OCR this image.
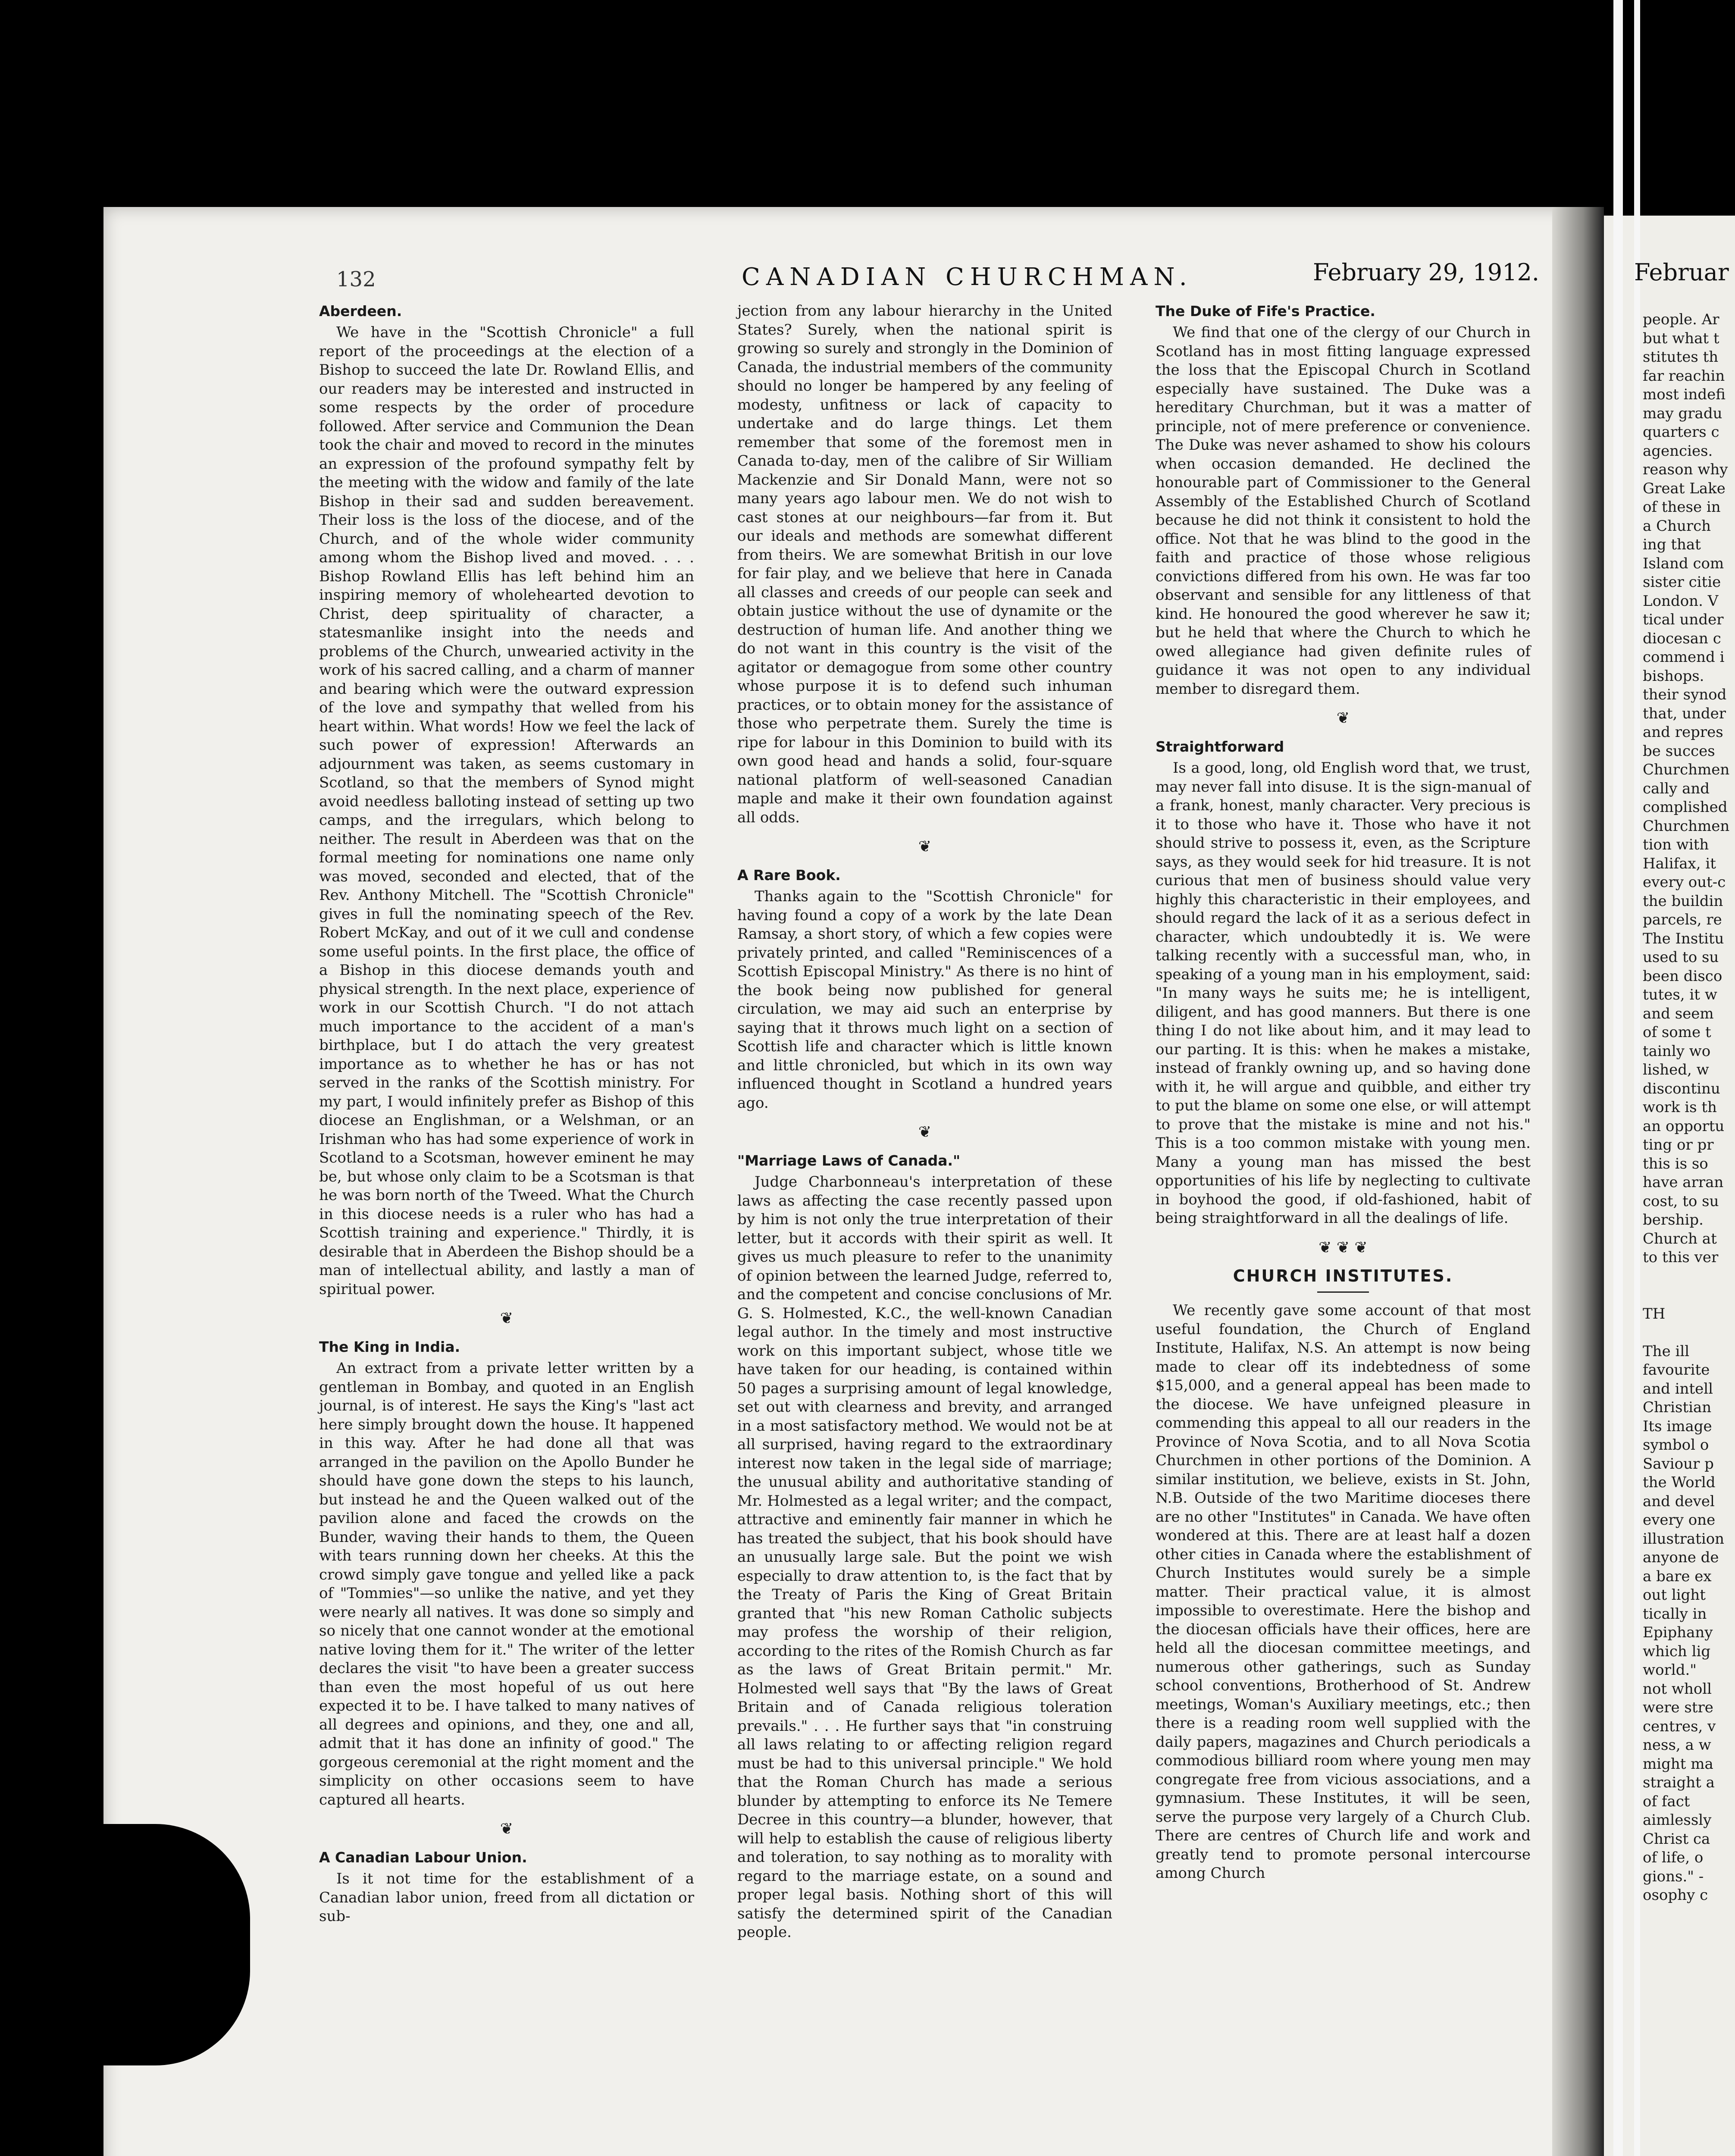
132	CANADIAN CHURCHMAN.	February 29, 1912.
Aberdeen.

We have in the "Scottish Chronicle" a full report of the proceedings at the election of a Bishop to succeed the late Dr. Rowland Ellis, and our readers may be interested and instructed in some respects by the order of procedure followed. After service and Communion the Dean took the chair and moved to record in the minutes an expression of the profound sympathy felt by the meeting with the widow and family of the late Bishop in their sad and sudden bereavement. Their loss is the loss of the diocese, and of the Church, and of the whole wider community among whom the Bishop lived and moved. . . . Bishop Rowland Ellis has left behind him an inspiring memory of wholehearted devotion to Christ, deep spirituality of character, a statesmanlike insight into the needs and problems of the Church, unwearied activity in the work of his sacred calling, and a charm of manner and bearing which were the outward expression of the love and sympathy that welled from his heart within. What words! How we feel the lack of such power of expression! Afterwards an adjournment was taken, as seems customary in Scotland, so that the members of Synod might avoid needless balloting instead of setting up two camps, and the irregulars, which belong to neither. The result in Aberdeen was that on the formal meeting for nominations one name only was moved, seconded and elected, that of the Rev. Anthony Mitchell. The "Scottish Chronicle" gives in full the nominating speech of the Rev. Robert McKay, and out of it we cull and condense some useful points. In the first place, the office of a Bishop in this diocese demands youth and physical strength. In the next place, experience of work in our Scottish Church. "I do not attach much importance to the accident of a man's birthplace, but I do attach the very greatest importance as to whether he has or has not served in the ranks of the Scottish ministry. For my part, I would infinitely prefer as Bishop of this diocese an Englishman, or a Welshman, or an Irishman who has had some experience of work in Scotland to a Scotsman, however eminent he may be, but whose only claim to be a Scotsman is that he was born north of the Tweed. What the Church in this diocese needs is a ruler who has had a Scottish training and experience." Thirdly, it is desirable that in Aberdeen the Bishop should be a man of intellectual ability, and lastly a man of spiritual power.

❦
The King in India.

An extract from a private letter written by a gentleman in Bombay, and quoted in an English journal, is of interest. He says the King's "last act here simply brought down the house. It happened in this way. After he had done all that was arranged in the pavilion on the Apollo Bunder he should have gone down the steps to his launch, but instead he and the Queen walked out of the pavilion alone and faced the crowds on the Bunder, waving their hands to them, the Queen with tears running down her cheeks. At this the crowd simply gave tongue and yelled like a pack of "Tommies"—so unlike the native, and yet they were nearly all natives. It was done so simply and so nicely that one cannot wonder at the emotional native loving them for it." The writer of the letter declares the visit "to have been a greater success than even the most hopeful of us out here expected it to be. I have talked to many natives of all degrees and opinions, and they, one and all, admit that it has done an infinity of good." The gorgeous ceremonial at the right moment and the simplicity on other occasions seem to have captured all hearts.

❦
A Canadian Labour Union.

Is it not time for the establishment of a Canadian labor union, freed from all dictation or sub-

jection from any labour hierarchy in the United States? Surely, when the national spirit is growing so surely and strongly in the Dominion of Canada, the industrial members of the community should no longer be hampered by any feeling of modesty, unfitness or lack of capacity to undertake and do large things. Let them remember that some of the foremost men in Canada to-day, men of the calibre of Sir William Mackenzie and Sir Donald Mann, were not so many years ago labour men. We do not wish to cast stones at our neighbours—far from it. But our ideals and methods are somewhat different from theirs. We are somewhat British in our love for fair play, and we believe that here in Canada all classes and creeds of our people can seek and obtain justice without the use of dynamite or the destruction of human life. And another thing we do not want in this country is the visit of the agitator or demagogue from some other country whose purpose it is to defend such inhuman practices, or to obtain money for the assistance of those who perpetrate them. Surely the time is ripe for labour in this Dominion to build with its own good head and hands a solid, four-square national platform of well-seasoned Canadian maple and make it their own foundation against all odds.

❦
A Rare Book.

Thanks again to the "Scottish Chronicle" for having found a copy of a work by the late Dean Ramsay, a short story, of which a few copies were privately printed, and called "Reminiscences of a Scottish Episcopal Ministry." As there is no hint of the book being now published for general circulation, we may aid such an enterprise by saying that it throws much light on a section of Scottish life and character which is little known and little chronicled, but which in its own way influenced thought in Scotland a hundred years ago.

❦
"Marriage Laws of Canada."

Judge Charbonneau's interpretation of these laws as affecting the case recently passed upon by him is not only the true interpretation of their letter, but it accords with their spirit as well. It gives us much pleasure to refer to the unanimity of opinion between the learned Judge, referred to, and the competent and concise conclusions of Mr. G. S. Holmested, K.C., the well-known Canadian legal author. In the timely and most instructive work on this important subject, whose title we have taken for our heading, is contained within 50 pages a surprising amount of legal knowledge, set out with clearness and brevity, and arranged in a most satisfactory method. We would not be at all surprised, having regard to the extraordinary interest now taken in the legal side of marriage; the unusual ability and authoritative standing of Mr. Holmested as a legal writer; and the compact, attractive and eminently fair manner in which he has treated the subject, that his book should have an unusually large sale. But the point we wish especially to draw attention to, is the fact that by the Treaty of Paris the King of Great Britain granted that "his new Roman Catholic subjects may profess the worship of their religion, according to the rites of the Romish Church as far as the laws of Great Britain permit." Mr. Holmested well says that "By the laws of Great Britain and of Canada religious toleration prevails." . . . He further says that "in construing all laws relating to or affecting religion regard must be had to this universal principle." We hold that the Roman Church has made a serious blunder by attempting to enforce its Ne Temere Decree in this country—a blunder, however, that will help to establish the cause of religious liberty and toleration, to say nothing as to morality with regard to the marriage estate, on a sound and proper legal basis. Nothing short of this will satisfy the determined spirit of the Canadian people.

The Duke of Fife's Practice.

We find that one of the clergy of our Church in Scotland has in most fitting language expressed the loss that the Episcopal Church in Scotland especially have sustained. The Duke was a hereditary Churchman, but it was a matter of principle, not of mere preference or convenience. The Duke was never ashamed to show his colours when occasion demanded. He declined the honourable part of Commissioner to the General Assembly of the Established Church of Scotland because he did not think it consistent to hold the office. Not that he was blind to the good in the faith and practice of those whose religious convictions differed from his own. He was far too observant and sensible for any littleness of that kind. He honoured the good wherever he saw it; but he held that where the Church to which he owed allegiance had given definite rules of guidance it was not open to any individual member to disregard them.

❦
Straightforward

Is a good, long, old English word that, we trust, may never fall into disuse. It is the sign-manual of a frank, honest, manly character. Very precious is it to those who have it. Those who have it not should strive to possess it, even, as the Scripture says, as they would seek for hid treasure. It is not curious that men of business should value very highly this characteristic in their employees, and should regard the lack of it as a serious defect in character, which undoubtedly it is. We were talking recently with a successful man, who, in speaking of a young man in his employment, said: "In many ways he suits me; he is intelligent, diligent, and has good manners. But there is one thing I do not like about him, and it may lead to our parting. It is this: when he makes a mistake, instead of frankly owning up, and so having done with it, he will argue and quibble, and either try to put the blame on some one else, or will attempt to prove that the mistake is mine and not his." This is a too common mistake with young men. Many a young man has missed the best opportunities of his life by neglecting to cultivate in boyhood the good, if old-fashioned, habit of being straightforward in all the dealings of life.

❦ ❦ ❦
CHURCH INSTITUTES.

We recently gave some account of that most useful foundation, the Church of England Institute, Halifax, N.S. An attempt is now being made to clear off its indebtedness of some $15,000, and a general appeal has been made to the diocese. We have unfeigned pleasure in commending this appeal to all our readers in the Province of Nova Scotia, and to all Nova Scotia Churchmen in other portions of the Dominion. A similar institution, we believe, exists in St. John, N.B. Outside of the two Maritime dioceses there are no other "Institutes" in Canada. We have often wondered at this. There are at least half a dozen other cities in Canada where the establishment of Church Institutes would surely be a simple matter. Their practical value, it is almost impossible to overestimate. Here the bishop and the diocesan officials have their offices, here are held all the diocesan committee meetings, and numerous other gatherings, such as Sunday school conventions, Brotherhood of St. Andrew meetings, Woman's Auxiliary meetings, etc.; then there is a reading room well supplied with the daily papers, magazines and Church periodicals a commodious billiard room where young men may congregate free from vicious associations, and a gymnasium. These Institutes, it will be seen, serve the purpose very largely of a Church Club. There are centres of Church life and work and greatly tend to promote personal intercourse among Church

Februar
people. Ar
but what t
stitutes th
far reachin
most indefi
may gradu
quarters c
agencies.
reason why
Great Lake
of these in
a Church
ing that
Island com
sister citie
London. V
tical under
diocesan c
commend i
bishops.
their synod
that, under
and repres
be succes
Churchmen
cally and
complished
Churchmen
tion with
Halifax, it
every out-c
the buildin
parcels, re
The Institu
used to su
been disco
tutes, it w
and seem
of some t
tainly wo
lished, w
discontinu
work is th
an opportu
ting or pr
this is so
have arran
cost, to su
bership.
Church at
to this ver

TH

The ill
favourite
and intell
Christian
Its image
symbol o
Saviour p
the World
and devel
every one
illustration
anyone de
a bare ex
out light
tically in
Epiphany
which lig
world."
not wholl
were stre
centres, v
ness, a w
might ma
straight a
of fact
aimlessly
Christ ca
of life, o
gions." -
osophy c
